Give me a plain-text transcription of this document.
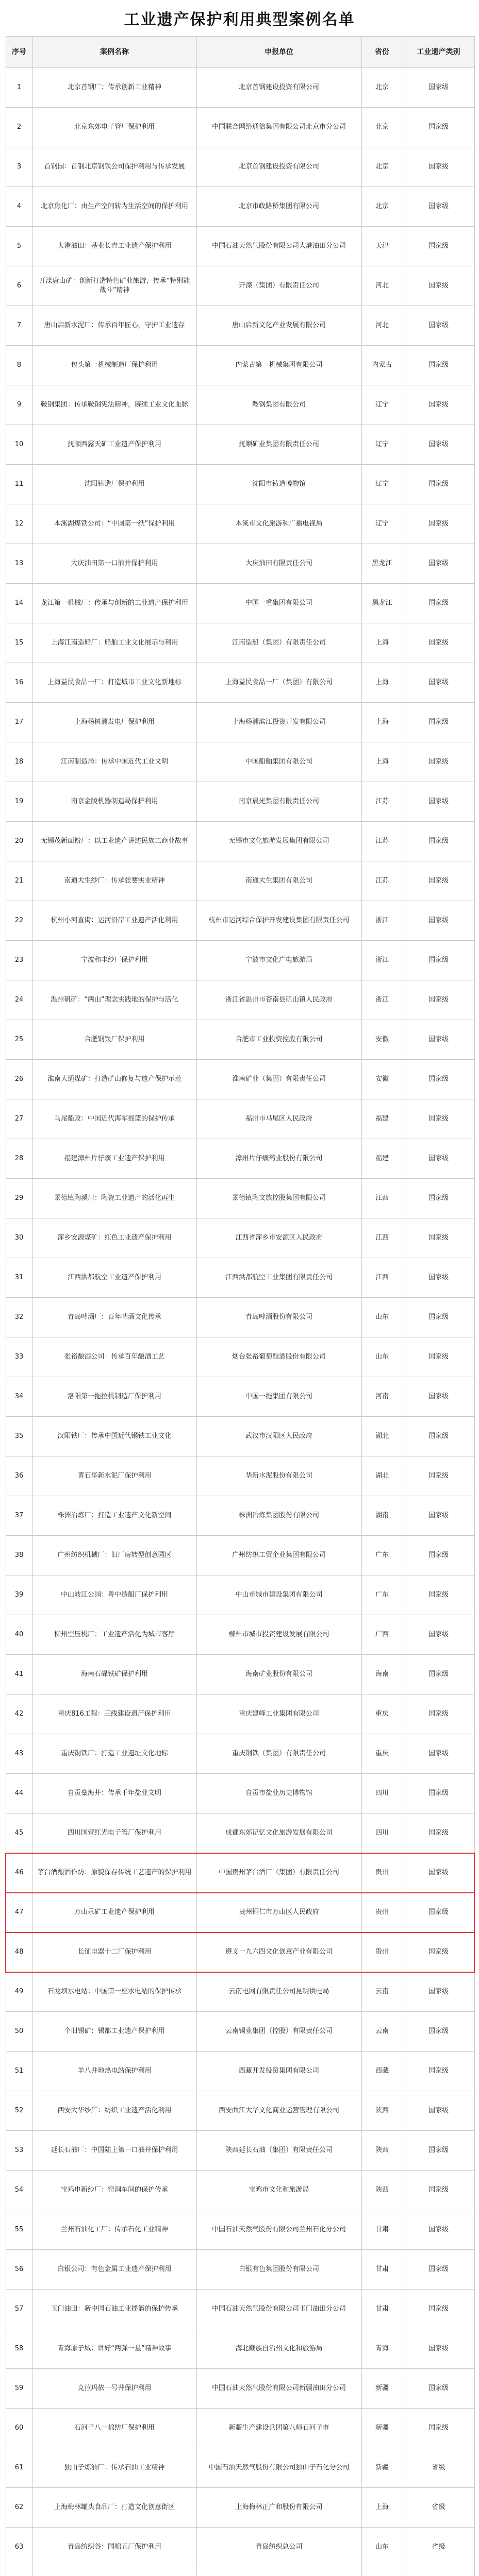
工业遗产保护利用典型案例名单
序号	案例名称	申报单位	省份	工业遗产类别
1	北京首钢厂：传承创新工业精神	北京首钢建设投资有限公司	北京	国家级
2	北京东郊电子管厂保护利用	中国联合网络通信集团有限公司北京市分公司	北京	国家级
3	首钢园：首钢北京钢铁公司保护利用与传承发展	北京首钢建设投资有限公司	北京	国家级
4	北京焦化厂：由生产空间转为生活空间的保护利用	北京市政路桥集团有限公司	北京	国家级
5	大港油田：基业长青工业遗产保护利用	中国石油天然气股份有限公司大港油田分公司	天津	国家级
6	开滦唐山矿：创新打造特色矿业旅游，传承“特别能战斗”精神	开滦（集团）有限责任公司	河北	国家级
7	唐山启新水泥厂：传承百年匠心，守护工业遗存	唐山启新文化产业发展有限公司	河北	国家级
8	包头第一机械制造厂保护利用	内蒙古第一机械集团有限公司	内蒙古	国家级
9	鞍钢集团：传承鞍钢宪法精神，赓续工业文化血脉	鞍钢集团有限公司	辽宁	国家级
10	抚顺西露天矿工业遗产保护利用	抚顺矿业集团有限责任公司	辽宁	国家级
11	沈阳铸造厂保护利用	沈阳市铸造博物馆	辽宁	国家级
12	本溪湖煤铁公司：“中国第一纸”保护利用	本溪市文化旅游和广播电视局	辽宁	国家级
13	大庆油田第一口油井保护利用	大庆油田有限责任公司	黑龙江	国家级
14	龙江第一机械厂：传承与创新的工业遗产保护利用	中国一重集团有限公司	黑龙江	国家级
15	上海江南造船厂：船舶工业文化展示与利用	江南造船（集团）有限责任公司	上海	国家级
16	上海益民食品一厂：打造城市工业文化新地标	上海益民食品一厂（集团）有限公司	上海	国家级
17	上海杨树浦发电厂保护利用	上海杨浦滨江投资开发有限公司	上海	国家级
18	江南制造局：传承中国近代工业文明	中国船舶集团有限公司	上海	国家级
19	南京金陵机器制造局保护利用	南京晨光集团有限责任公司	江苏	国家级
20	无锡茂新面粉厂：以工业遗产讲述民族工商业故事	无锡市文化旅游发展集团有限公司	江苏	国家级
21	南通大生纱厂：传承张謇实业精神	南通大生集团有限公司	江苏	国家级
22	杭州小河直街：运河沿岸工业遗产活化利用	杭州市运河综合保护开发建设集团有限责任公司	浙江	国家级
23	宁波和丰纱厂保护利用	宁波市文化广电旅游局	浙江	国家级
24	温州矾矿：“两山”理念实践地的保护与活化	浙江省温州市苍南县矾山镇人民政府	浙江	国家级
25	合肥钢铁厂保护利用	合肥市工业投资控股有限公司	安徽	国家级
26	淮南大通煤矿：打造矿山修复与遗产保护示范	淮南矿业（集团）有限责任公司	安徽	国家级
27	马尾船政：中国近代海军摇篮的保护传承	福州市马尾区人民政府	福建	国家级
28	福建漳州片仔癀工业遗产保护利用	漳州片仔癀药业股份有限公司	福建	国家级
29	景德镇陶溪川：陶瓷工业遗产的活化再生	景德镇陶文旅控股集团有限公司	江西	国家级
30	萍乡安源煤矿：红色工业遗产保护利用	江西省萍乡市安源区人民政府	江西	国家级
31	江西洪都航空工业遗产保护利用	江西洪都航空工业集团有限责任公司	江西	国家级
32	青岛啤酒厂：百年啤酒文化传承	青岛啤酒股份有限公司	山东	国家级
33	张裕酿酒公司：传承百年酿酒工艺	烟台张裕葡萄酿酒股份有限公司	山东	国家级
34	洛阳第一拖拉机制造厂保护利用	中国一拖集团有限公司	河南	国家级
35	汉阳铁厂：传承中国近代钢铁工业文化	武汉市汉阳区人民政府	湖北	国家级
36	黄石华新水泥厂保护利用	华新水泥股份有限公司	湖北	国家级
37	株洲冶炼厂：打造工业遗产文化新空间	株洲冶炼集团股份有限公司	湖南	国家级
38	广州纺织机械厂：旧厂房转型创意园区	广州纺织工贸企业集团有限公司	广东	国家级
39	中山岐江公园：粤中造船厂保护利用	中山市城市建设集团有限公司	广东	国家级
40	柳州空压机厂：工业遗产活化为城市客厅	柳州市城市投资建设发展有限公司	广西	国家级
41	海南石碌铁矿保护利用	海南矿业股份有限公司	海南	国家级
42	重庆816工程：三线建设遗产保护利用	重庆建峰工业集团有限公司	重庆	国家级
43	重庆钢铁厂：打造工业遗址文化地标	重庆钢铁（集团）有限责任公司	重庆	国家级
44	自贡燊海井：传承千年盐业文明	自贡市盐业历史博物馆	四川	国家级
45	四川国营红光电子管厂保护利用	成都东郊记忆文化旅游发展有限公司	四川	国家级
46	茅台酒酿酒作坊：原貌保存传统工艺遗产的保护利用	中国贵州茅台酒厂（集团）有限责任公司	贵州	国家级
47	万山汞矿工业遗产保护利用	贵州铜仁市万山区人民政府	贵州	国家级
48	长征电器十二厂保护利用	遵义一九六四文化创意产业有限公司	贵州	国家级
49	石龙坝水电站：中国第一座水电站的保护传承	云南电网有限责任公司昆明供电局	云南	国家级
50	个旧锡矿：锡都工业遗产保护利用	云南锡业集团（控股）有限责任公司	云南	国家级
51	羊八井地热电站保护利用	西藏开发投资集团有限公司	西藏	国家级
52	西安大华纱厂：纺织工业遗产活化利用	西安曲江大华文化商业运营管理有限公司	陕西	国家级
53	延长石油厂：中国陆上第一口油井保护利用	陕西延长石油（集团）有限责任公司	陕西	国家级
54	宝鸡申新纱厂：窑洞车间的保护传承	宝鸡市文化和旅游局	陕西	国家级
55	兰州石油化工厂：传承石化工业精神	中国石油天然气股份有限公司兰州石化分公司	甘肃	国家级
56	白银公司：有色金属工业遗产保护利用	白银有色集团股份有限公司	甘肃	国家级
57	玉门油田：新中国石油工业摇篮的保护传承	中国石油天然气股份有限公司玉门油田分公司	甘肃	国家级
58	青海原子城：讲好“两弹一星”精神故事	海北藏族自治州文化和旅游局	青海	国家级
59	克拉玛依一号井保护利用	中国石油天然气股份有限公司新疆油田分公司	新疆	国家级
60	石河子八一棉纺厂保护利用	新疆生产建设兵团第八师石河子市	新疆	国家级
61	独山子炼油厂：传承石油工业精神	中国石油天然气股份有限公司独山子石化分公司	新疆	省级
62	上海梅林罐头食品厂：打造文化创意街区	上海梅林正广和股份有限公司	上海	省级
63	青岛纺织谷：国棉五厂保护利用	青岛纺织总公司	山东	省级
